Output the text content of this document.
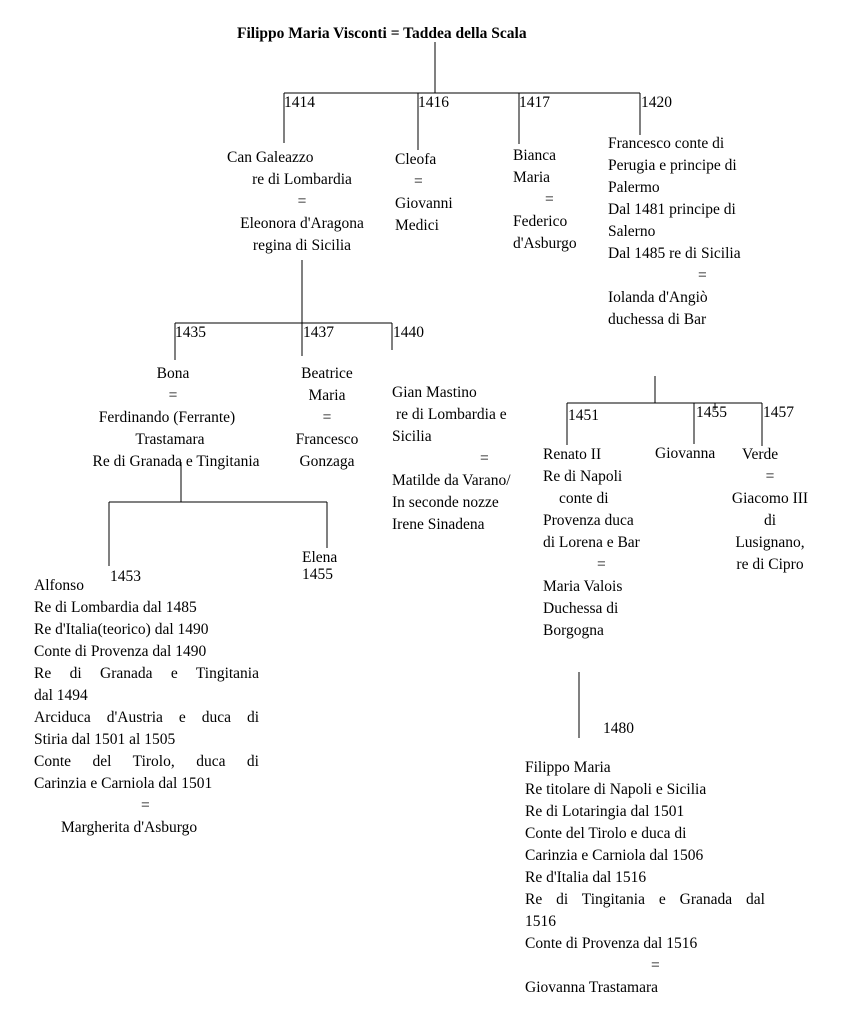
Filippo Maria Visconti = Taddea della Scala
1414	1416	1417	1420
Can Galeazzo
re di Lombardia
=
Eleonora d'Aragona
regina di Sicilia
Cleofa
=
Giovanni
Medici
Bianca
Maria
=
Federico
d'Asburgo
Francesco conte di
Perugia e principe di
Palermo
Dal 1481 principe di
Salerno
Dal 1485 re di Sicilia
=
Iolanda d'Angiò
duchessa di Bar
1435	1437	1440
Bona
=
Ferdinando (Ferrante)
Trastamara
Re di Granada e Tingitania
Beatrice
Maria
=
Francesco
Gonzaga
Gian Mastino
re di Lombardia e
Sicilia
=
Matilde da Varano/
In seconde nozze
Irene Sinadena
1451	1455 1457
Renato II
Re di Napoli
conte di
Provenza duca
di Lorena e Bar
=
Maria Valois
Duchessa di
Borgogna
Giovanna	Verde
=
Giacomo III
di
Lusignano,
re di Cipro
1453
Alfonso
Re di Lombardia dal 1485
Re d'Italia(teorico) dal 1490
Conte di Provenza dal 1490
Re di Granada e Tingitania
dal 1494
Arciduca d'Austria e duca di
Stiria dal 1501 al 1505
Conte del Tirolo, duca di
Carinzia e Carniola dal 1501
=
Margherita d'Asburgo
Elena
1455
1480
Filippo Maria
Re titolare di Napoli e Sicilia
Re di Lotaringia dal 1501
Conte del Tirolo e duca di
Carinzia e Carniola dal 1506
Re d'Italia dal 1516
Re di Tingitania e Granada dal
1516
Conte di Provenza dal 1516
=
Giovanna Trastamara
